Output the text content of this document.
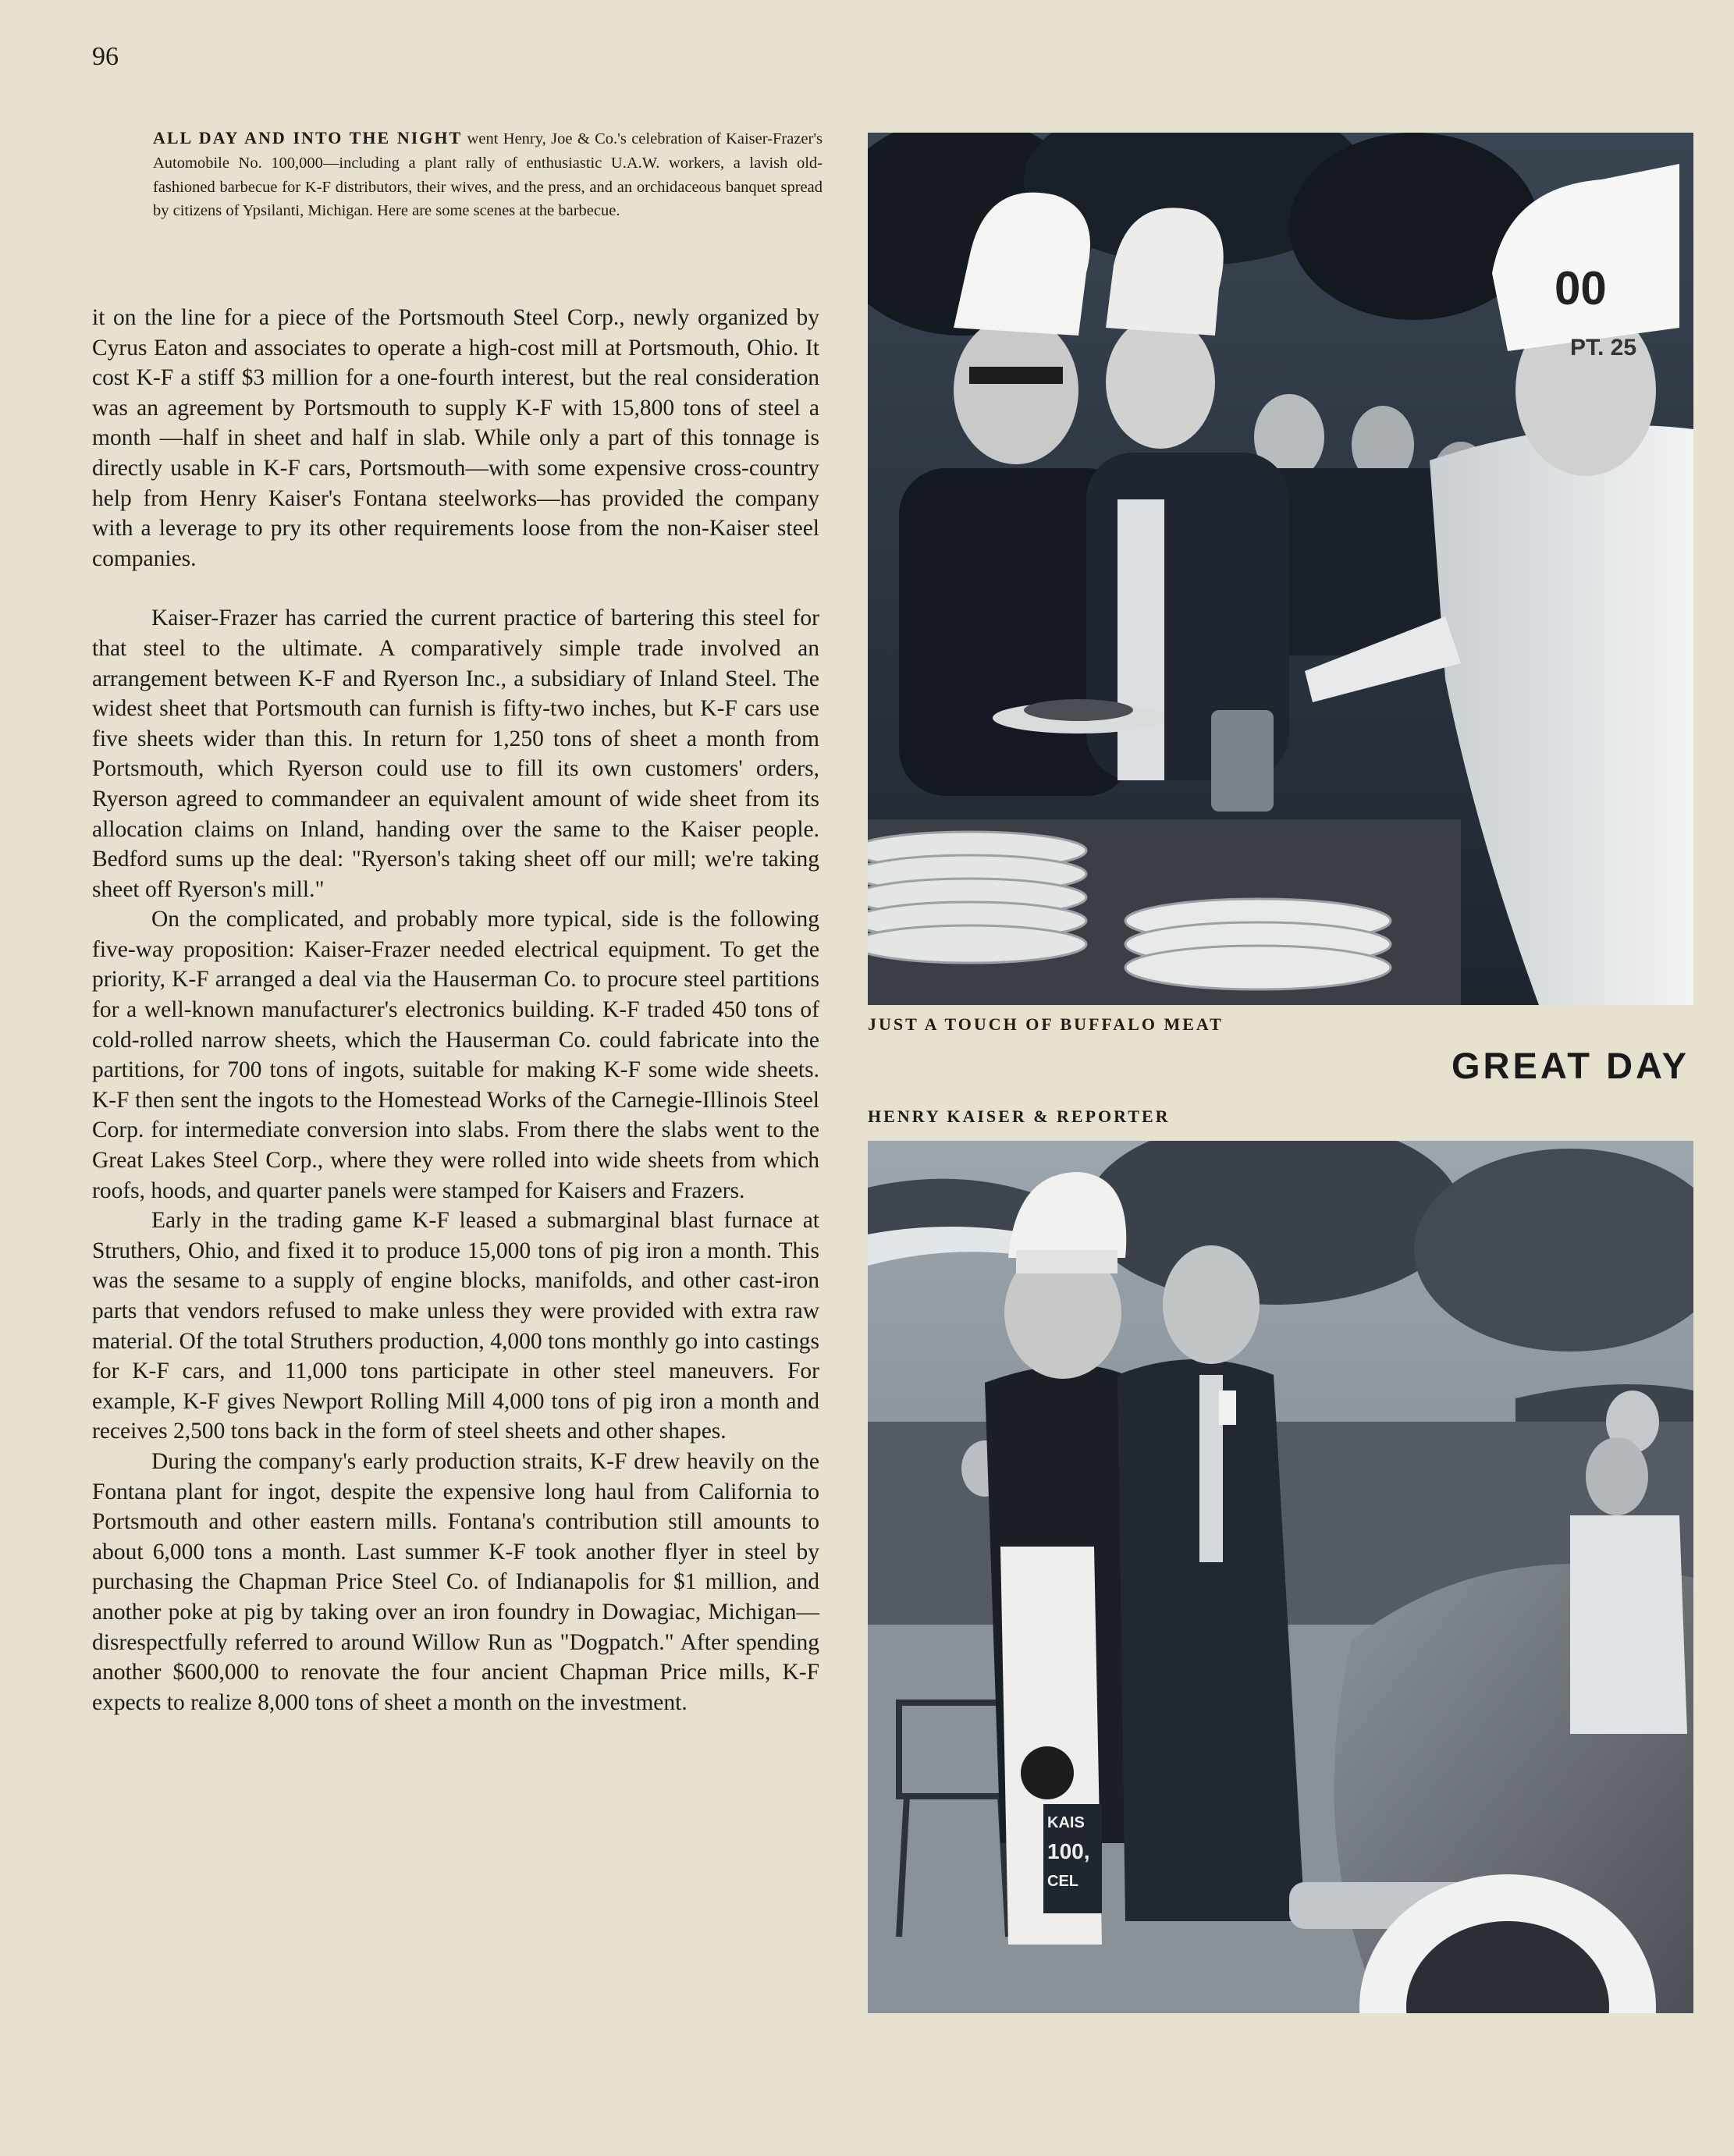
96
ALL DAY AND INTO THE NIGHT went Henry, Joe & Co.'s celebration of Kaiser-Frazer's Automobile No. 100,000—including a plant rally of enthusiastic U.A.W. workers, a lavish old-fashioned barbecue for K-F distributors, their wives, and the press, and an orchidaceous banquet spread by citizens of Ypsilanti, Michigan. Here are some scenes at the barbecue.

it on the line for a piece of the Portsmouth Steel Corp., newly organized by Cyrus Eaton and associates to operate a high-cost mill at Portsmouth, Ohio. It cost K-F a stiff $3 million for a one-fourth interest, but the real consideration was an agreement by Portsmouth to supply K-F with 15,800 tons of steel a month —half in sheet and half in slab. While only a part of this tonnage is directly usable in K-F cars, Portsmouth—with some expensive cross-country help from Henry Kaiser's Fontana steelworks—has provided the company with a leverage to pry its other requirements loose from the non-Kaiser steel companies.

Kaiser-Frazer has carried the current practice of bartering this steel for that steel to the ultimate. A comparatively simple trade involved an arrangement between K-F and Ryerson Inc., a subsidiary of Inland Steel. The widest sheet that Portsmouth can furnish is fifty-two inches, but K-F cars use five sheets wider than this. In return for 1,250 tons of sheet a month from Portsmouth, which Ryerson could use to fill its own customers' orders, Ryerson agreed to commandeer an equivalent amount of wide sheet from its allocation claims on Inland, handing over the same to the Kaiser people. Bedford sums up the deal: "Ryerson's taking sheet off our mill; we're taking sheet off Ryerson's mill."

On the complicated, and probably more typical, side is the following five-way proposition: Kaiser-Frazer needed electrical equipment. To get the priority, K-F arranged a deal via the Hauserman Co. to procure steel partitions for a well-known manufacturer's electronics building. K-F traded 450 tons of cold-rolled narrow sheets, which the Hauserman Co. could fabricate into the partitions, for 700 tons of ingots, suitable for making K-F some wide sheets. K-F then sent the ingots to the Homestead Works of the Carnegie-Illinois Steel Corp. for intermediate conversion into slabs. From there the slabs went to the Great Lakes Steel Corp., where they were rolled into wide sheets from which roofs, hoods, and quarter panels were stamped for Kaisers and Frazers.

Early in the trading game K-F leased a submarginal blast furnace at Struthers, Ohio, and fixed it to produce 15,000 tons of pig iron a month. This was the sesame to a supply of engine blocks, manifolds, and other cast-iron parts that vendors refused to make unless they were provided with extra raw material. Of the total Struthers production, 4,000 tons monthly go into castings for K-F cars, and 11,000 tons participate in other steel maneuvers. For example, K-F gives Newport Rolling Mill 4,000 tons of pig iron a month and receives 2,500 tons back in the form of steel sheets and other shapes.

During the company's early production straits, K-F drew heavily on the Fontana plant for ingot, despite the expensive long haul from California to Portsmouth and other eastern mills. Fontana's contribution still amounts to about 6,000 tons a month. Last summer K-F took another flyer in steel by purchasing the Chapman Price Steel Co. of Indianapolis for $1 million, and another poke at pig by taking over an iron foundry in Dowagiac, Michigan—disrespectfully referred to around Willow Run as "Dogpatch." After spending another $600,000 to renovate the four ancient Chapman Price mills, K-F expects to realize 8,000 tons of sheet a month on the investment.

00
PT. 25
JUST A TOUCH OF BUFFALO MEAT
GREAT DAY
HENRY KAISER & REPORTER
KAIS
100,
CEL
